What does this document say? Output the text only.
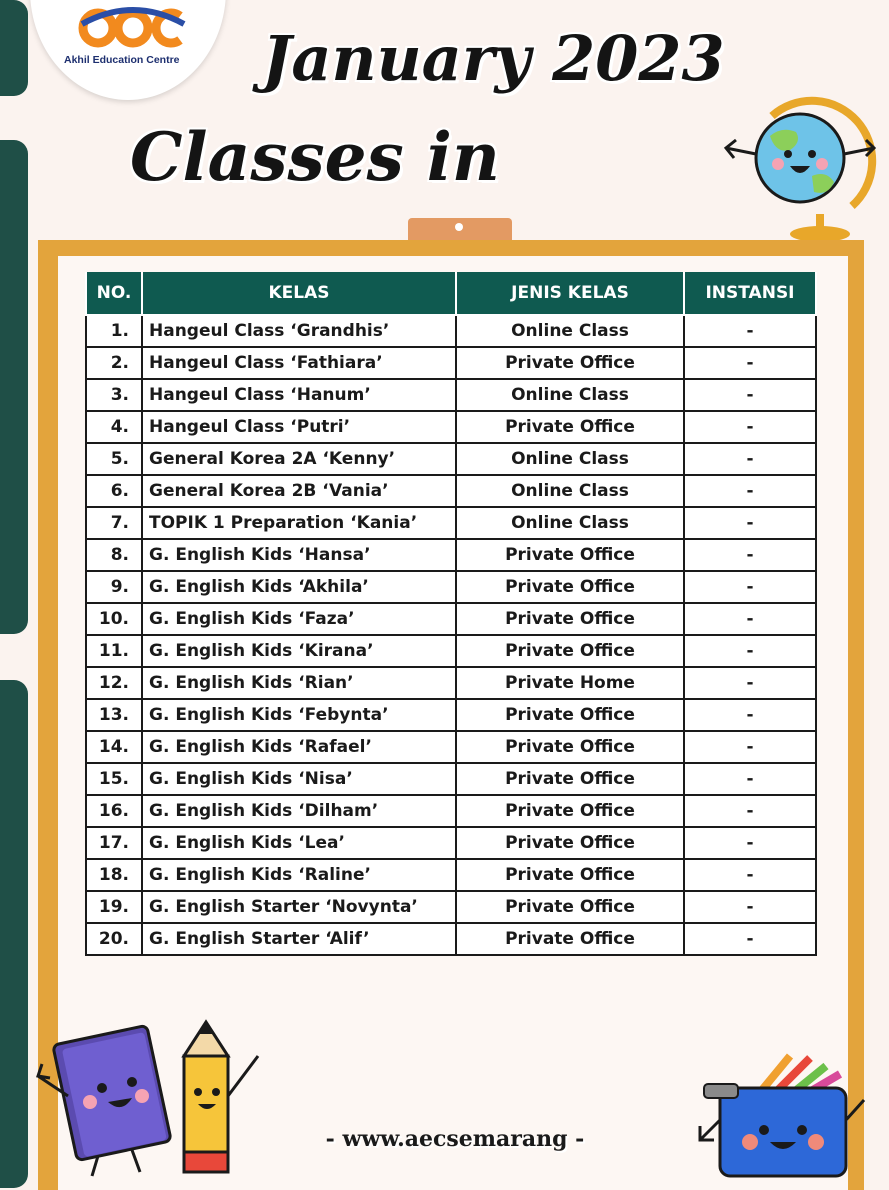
Akhil Education Centre January 2023
Classes in
NO.	KELAS	JENIS KELAS	INSTANSI
1.	Hangeul Class ‘Grandhis’	Online Class	-
2.	Hangeul Class ‘Fathiara’	Private Office	-
3.	Hangeul Class ‘Hanum’	Online Class	-
4.	Hangeul Class ‘Putri’	Private Office	-
5.	General Korea 2A ‘Kenny’	Online Class	-
6.	General Korea 2B ‘Vania’	Online Class	-
7.	TOPIK 1 Preparation ‘Kania’	Online Class	-
8.	G. English Kids ‘Hansa’	Private Office	-
9.	G. English Kids ‘Akhila’	Private Office	-
10.	G. English Kids ‘Faza’	Private Office	-
11.	G. English Kids ‘Kirana’	Private Office	-
12.	G. English Kids ‘Rian’	Private Home	-
13.	G. English Kids ‘Febynta’	Private Office	-
14.	G. English Kids ‘Rafael’	Private Office	-
15.	G. English Kids ‘Nisa’	Private Office	-
16.	G. English Kids ‘Dilham’	Private Office	-
17.	G. English Kids ‘Lea’	Private Office	-
18.	G. English Kids ‘Raline’	Private Office	-
19.	G. English Starter ‘Novynta’	Private Office	-
20.	G. English Starter ‘Alif’	Private Office	-
- www.aecsemarang -
